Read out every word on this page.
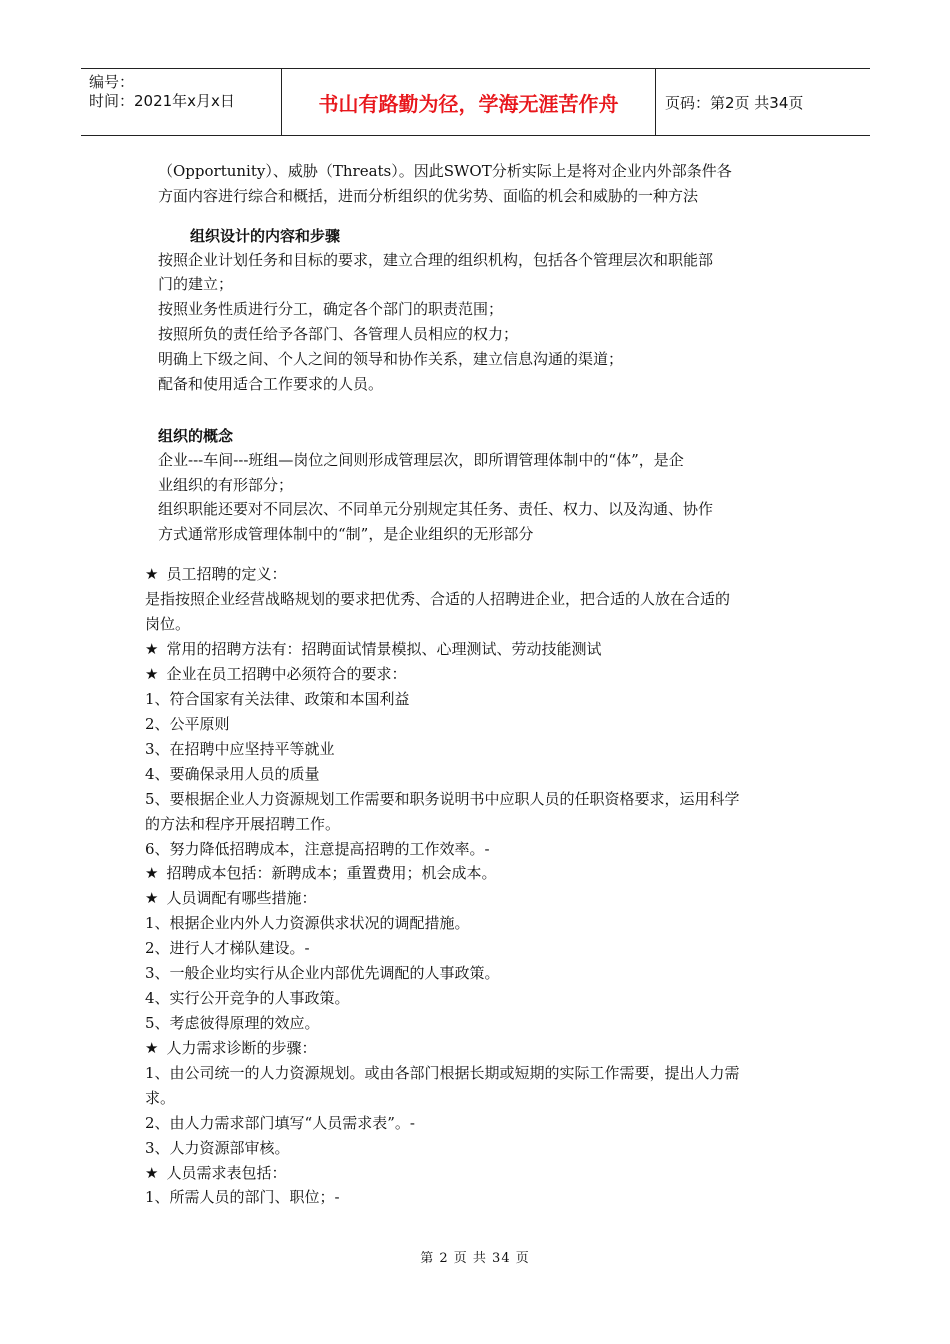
编号：
时间：2021年x月x日	书山有路勤为径，学海无涯苦作舟	页码：第2页 共34页
（Opportunity）、威胁（Threats）。因此SWOT分析实际上是将对企业内外部条件各
方面内容进行综合和概括，进而分析组织的优劣势、面临的机会和威胁的一种方法
组织设计的内容和步骤
按照企业计划任务和目标的要求，建立合理的组织机构，包括各个管理层次和职能部
门的建立；
按照业务性质进行分工，确定各个部门的职责范围；
按照所负的责任给予各部门、各管理人员相应的权力；
明确上下级之间、个人之间的领导和协作关系，建立信息沟通的渠道；
配备和使用适合工作要求的人员。
组织的概念
企业---车间---班组—岗位之间则形成管理层次，即所谓管理体制中的“体”，是企
业组织的有形部分；
组织职能还要对不同层次、不同单元分别规定其任务、责任、权力、以及沟通、协作
方式通常形成管理体制中的“制”，是企业组织的无形部分
★ 员工招聘的定义：
是指按照企业经营战略规划的要求把优秀、合适的人招聘进企业，把合适的人放在合适的
岗位。
★ 常用的招聘方法有：招聘面试情景模拟、心理测试、劳动技能测试
★ 企业在员工招聘中必须符合的要求：
1、符合国家有关法律、政策和本国利益
2、公平原则
3、在招聘中应坚持平等就业
4、要确保录用人员的质量
5、要根据企业人力资源规划工作需要和职务说明书中应职人员的任职资格要求，运用科学
的方法和程序开展招聘工作。
6、努力降低招聘成本，注意提高招聘的工作效率。-
★ 招聘成本包括：新聘成本；重置费用；机会成本。
★ 人员调配有哪些措施：
1、根据企业内外人力资源供求状况的调配措施。
2、进行人才梯队建设。-
3、一般企业均实行从企业内部优先调配的人事政策。
4、实行公开竞争的人事政策。
5、考虑彼得原理的效应。
★ 人力需求诊断的步骤：
1、由公司统一的人力资源规划。或由各部门根据长期或短期的实际工作需要，提出人力需
求。
2、由人力需求部门填写“人员需求表”。-
3、人力资源部审核。
★ 人员需求表包括：
1、所需人员的部门、职位；-
第 2 页 共 34 页
